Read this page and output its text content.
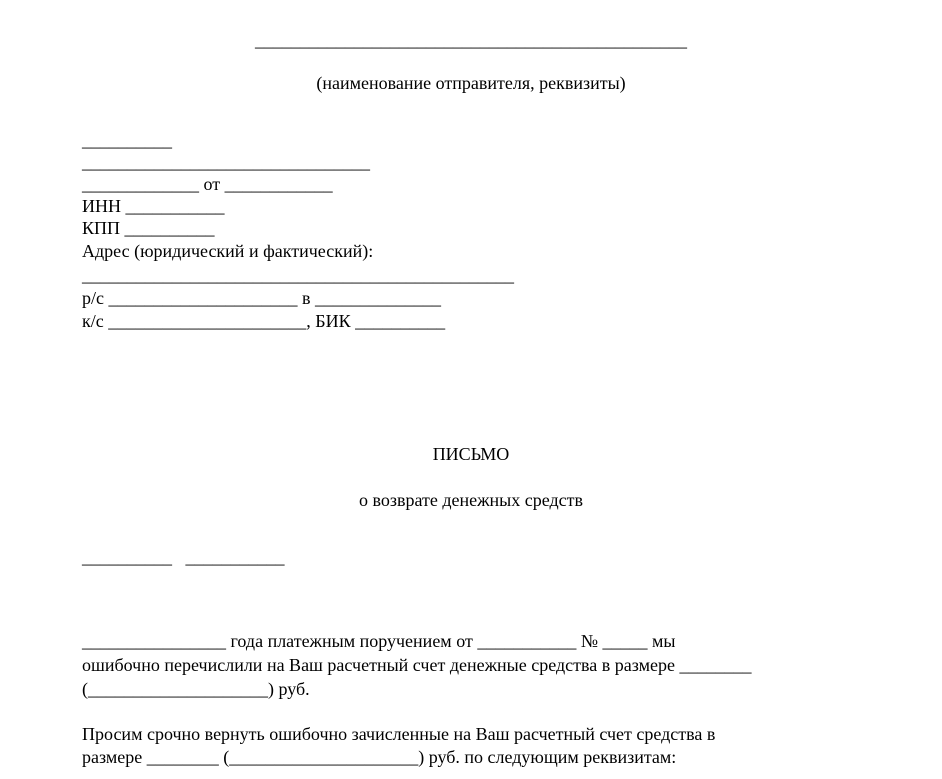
________________________________________________
(наименование отправителя, реквизиты)
__________
________________________________
_____________ от ____________
ИНН ___________
КПП __________
Адрес (юридический и фактический):
________________________________________________
р/с _____________________ в ______________
к/с ______________________, БИК __________
ПИСЬМО
о возврате денежных средств
__________   ___________
________________ года платежным поручением от ___________ № _____ мы
ошибочно перечислили на Ваш расчетный счет денежные средства в размере ________
(____________________) руб.
Просим срочно вернуть ошибочно зачисленные на Ваш расчетный счет средства в
размере ________ (_____________________) руб. по следующим реквизитам:
